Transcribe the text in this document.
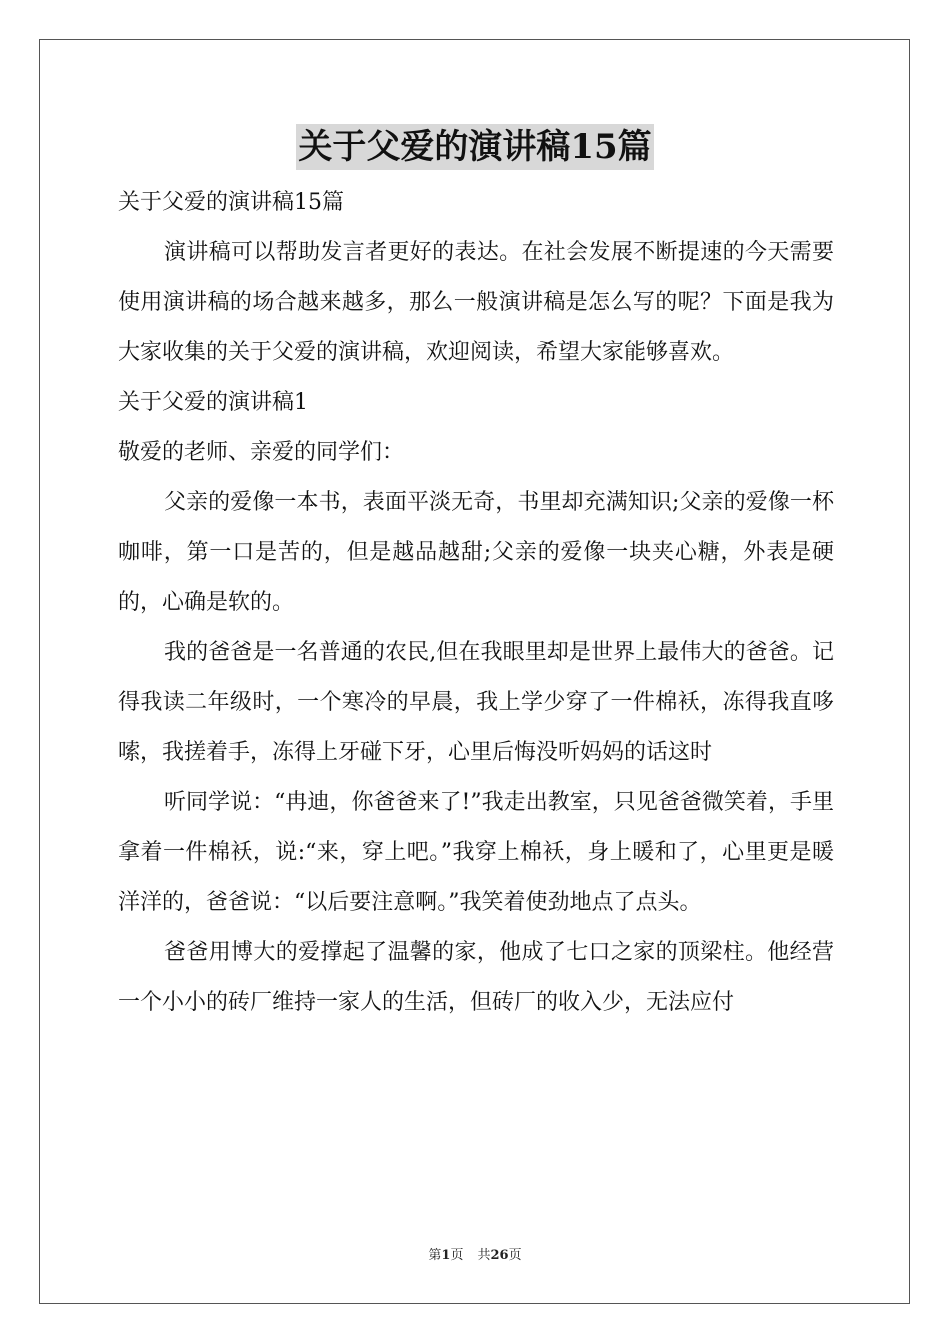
关于父爱的演讲稿15篇

关于父爱的演讲稿15篇

演讲稿可以帮助发言者更好的表达。在社会发展不断提速的今天需要使用演讲稿的场合越来越多，那么一般演讲稿是怎么写的呢？下面是我为大家收集的关于父爱的演讲稿，欢迎阅读，希望大家能够喜欢。

关于父爱的演讲稿1

敬爱的老师、亲爱的同学们：

父亲的爱像一本书，表面平淡无奇，书里却充满知识;父亲的爱像一杯咖啡，第一口是苦的，但是越品越甜;父亲的爱像一块夹心糖，外表是硬的，心确是软的。

我的爸爸是一名普通的农民,但在我眼里却是世界上最伟大的爸爸。记得我读二年级时，一个寒冷的早晨，我上学少穿了一件棉袄，冻得我直哆嗦，我搓着手，冻得上牙碰下牙，心里后悔没听妈妈的话这时

听同学说：“冉迪，你爸爸来了!”我走出教室，只见爸爸微笑着，手里拿着一件棉袄，说:“来，穿上吧。”我穿上棉袄，身上暖和了，心里更是暖洋洋的，爸爸说：“以后要注意啊。”我笑着使劲地点了点头。

爸爸用博大的爱撑起了温馨的家，他成了七口之家的顶梁柱。他经营一个小小的砖厂维持一家人的生活，但砖厂的收入少，无法应付

第1页 共26页
